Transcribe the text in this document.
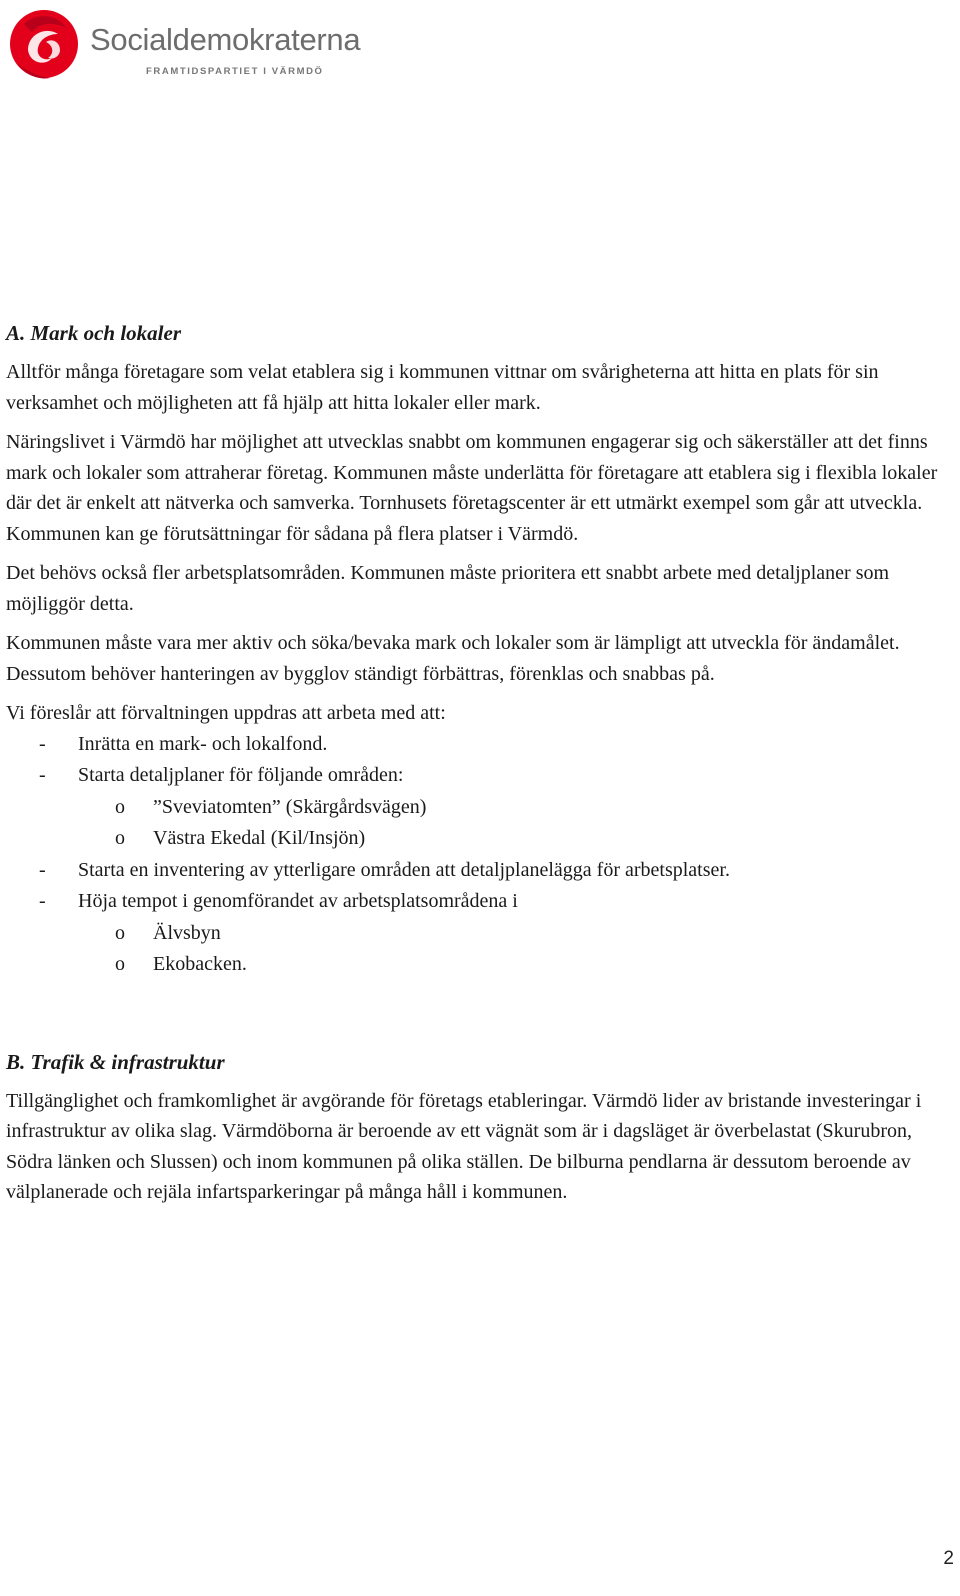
Socialdemokraterna
FRAMTIDSPARTIET I VÄRMDÖ
A. Mark och lokaler

Alltför många företagare som velat etablera sig i kommunen vittnar om svårigheterna att hitta en plats för sin verksamhet och möjligheten att få hjälp att hitta lokaler eller mark.

Näringslivet i Värmdö har möjlighet att utvecklas snabbt om kommunen engagerar sig och säkerställer att det finns mark och lokaler som attraherar företag. Kommunen måste underlätta för företagare att etablera sig i flexibla lokaler där det är enkelt att nätverka och samverka. Tornhusets företagscenter är ett utmärkt exempel som går att utveckla. Kommunen kan ge förutsättningar för sådana på flera platser i Värmdö.

Det behövs också fler arbetsplatsområden. Kommunen måste prioritera ett snabbt arbete med detaljplaner som möjliggör detta.

Kommunen måste vara mer aktiv och söka/bevaka mark och lokaler som är lämpligt att utveckla för ändamålet. Dessutom behöver hanteringen av bygglov ständigt förbättras, förenklas och snabbas på.

Vi föreslår att förvaltningen uppdras att arbeta med att:

- Inrätta en mark- och lokalfond.
- Starta detaljplaner för följande områden:
o ”Sveviatomten” (Skärgårdsvägen)
o Västra Ekedal (Kil/Insjön)
- Starta en inventering av ytterligare områden att detaljplanelägga för arbetsplatser.
- Höja tempot i genomförandet av arbetsplatsområdena i
o Älvsbyn
o Ekobacken.
B. Trafik & infrastruktur

Tillgänglighet och framkomlighet är avgörande för företags etableringar. Värmdö lider av bristande investeringar i infrastruktur av olika slag. Värmdöborna är beroende av ett vägnät som är i dagsläget är överbelastat (Skurubron, Södra länken och Slussen) och inom kommunen på olika ställen. De bilburna pendlarna är dessutom beroende av välplanerade och rejäla infartsparkeringar på många håll i kommunen.

2
